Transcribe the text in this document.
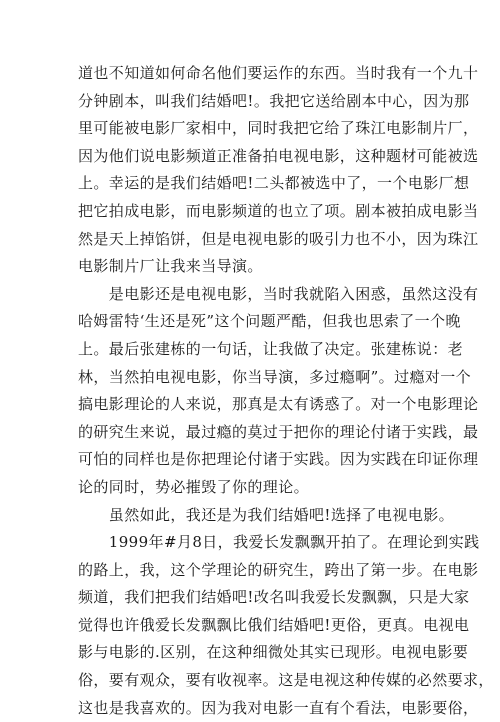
道也不知道如何命名他们要运作的东西。当时我有一个九十
分钟剧本，叫我们结婚吧!。我把它送给剧本中心，因为那
里可能被电影厂家相中，同时我把它给了珠江电影制片厂，
因为他们说电影频道正准备拍电视电影，这种题材可能被选
上。幸运的是我们结婚吧!二头都被选中了，一个电影厂想
把它拍成电影，而电影频道的也立了项。剧本被拍成电影当
然是天上掉馅饼，但是电视电影的吸引力也不小，因为珠江
电影制片厂让我来当导演。
　　是电影还是电视电影，当时我就陷入困惑，虽然这没有
哈姆雷特‘生还是死”这个问题严酷，但我也思索了一个晚
上。最后张建栋的一句话，让我做了决定。张建栋说：老
林，当然拍电视电影，你当导演，多过瘾啊”。过瘾对一个
搞电影理论的人来说，那真是太有诱惑了。对一个电影理论
的研究生来说，最过瘾的莫过于把你的理论付诸于实践，最
可怕的同样也是你把理论付诸于实践。因为实践在印证你理
论的同时，势必摧毁了你的理论。
　　虽然如此，我还是为我们结婚吧!选择了电视电影。
　　1999年#月8日，我爱长发飘飘开拍了。在理论到实践
的路上，我，这个学理论的研究生，跨出了第一步。在电影
频道，我们把我们结婚吧!改名叫我爱长发飘飘，只是大家
觉得也许俄爱长发飘飘比俄们结婚吧!更俗，更真。电视电
影与电影的.区别，在这种细微处其实已现形。电视电影要
俗，要有观众，要有收视率。这是电视这种传媒的必然要求，
这也是我喜欢的。因为我对电影一直有个看法，电影要俗，
